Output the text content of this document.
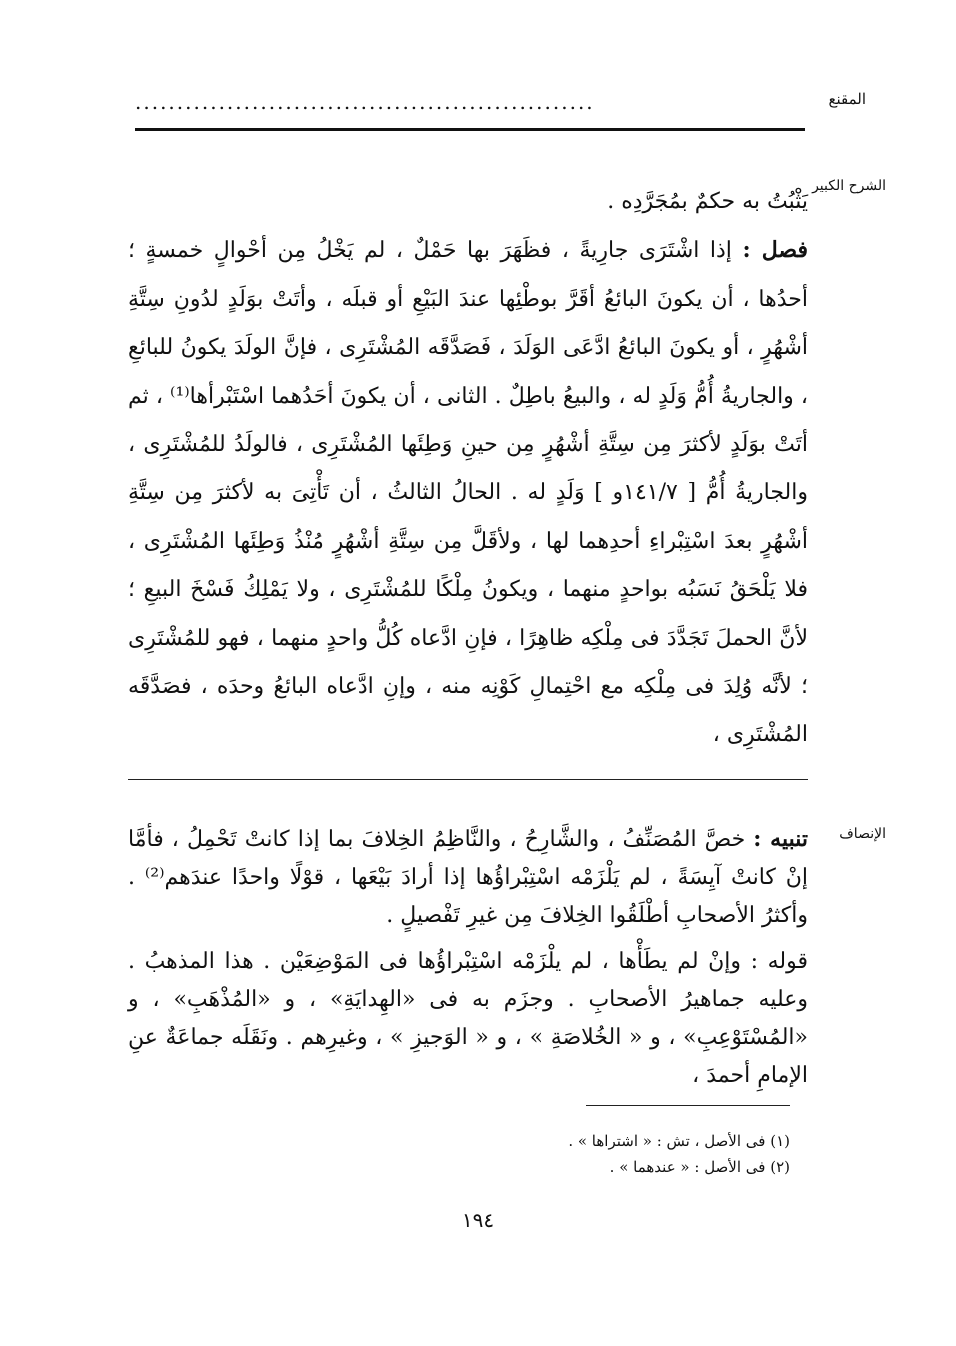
.......................................................	المقنع
الشرح الكبير

يَثْبُتُ به حكمٌ بمُجَرَّدِه .

فصل : إذا اشْتَرَى جارِيةً ، فظَهَرَ بها حَمْلٌ ، لم يَخْلُ مِن أحْوالٍ خمسةٍ ؛ أحدُها ، أن يكونَ البائعُ أقَرَّ بوطْئِها عندَ البَيْعِ أو قبلَه ، وأتَتْ بوَلَدٍ لدُونِ سِتَّةِ أشْهُرٍ ، أو يكونَ البائعُ ادَّعَى الوَلَدَ ، فَصَدَّقَه المُشْتَرِى ، فإنَّ الولَدَ يكونُ للبائعِ ، والجاريةُ أُمُّ وَلَدٍ له ، والبيعُ باطِلٌ . الثانى ، أن يكونَ أحَدُهما اسْتَبْرأها⁽¹⁾ ، ثم أتَتْ بوَلَدٍ لأكثرَ مِن سِتَّةِ أشْهُرٍ مِن حينِ وَطِئَها المُشْتَرِى ، فالولَدُ للمُشْتَرِى ، والجاريةُ أُمُّ [ ١٤١/٧و ] وَلَدٍ له . الحالُ الثالثُ ، أن تَأْتِىَ به لأكثرَ مِن سِتَّةِ أشْهُرٍ بعدَ اسْتِبْراءِ أحدِهما لها ، ولأقَلَّ مِن سِتَّةِ أشْهُرٍ مُنْذُ وَطِئَها المُشْتَرِى ، فلا يَلْحَقُ نَسَبُه بواحدٍ منهما ، ويكونُ مِلْكًا للمُشْتَرِى ، ولا يَمْلِكُ فَسْخَ البيعِ ؛ لأنَّ الحملَ تَجَدَّدَ فى مِلْكِه ظاهِرًا ، فإنِ ادَّعاه كُلُّ واحدٍ منهما ، فهو للمُشْتَرِى ؛ لأنَّه وُلِدَ فى مِلْكِه مع احْتِمالِ كَوْنِه منه ، وإنِ ادَّعاه البائعُ وحدَه ، فصَدَّقَه المُشْتَرِى ،

الإنصاف

تنبيه : خصَّ المُصَنِّفُ ، والشَّارِحُ ، والنَّاظِمُ الخِلافَ بما إذا كانتْ تَحْمِلُ ، فأمَّا إنْ كانتْ آيِسَةً ، لم يَلْزَمْه اسْتِبْراؤُها إذا أرادَ بَيْعَها ، قوْلًا واحدًا عندَهم⁽²⁾ . وأكثرُ الأصحابِ أطْلَقُوا الخِلافَ مِن غيرِ تَفْصيلٍ .

قوله : وإنْ لم يطَأْها ، لم يلْزَمْه اسْتِبْراؤُها فى المَوْضِعَيْن . هذا المذهبُ . وعليه جماهيرُ الأصحابِ . وجزَم به فى «الهِدايَةِ» ، و «المُذْهَبِ» ، و «المُسْتَوْعِبِ» ، و « الخُلاصَةِ » ، و « الوَجيزِ » ، وغيرِهم . ونَقَلَه جماعَةٌ عنِ الإمامِ أحمدَ ،

(١) فى الأصل ، تش : « اشتراها » .
(٢) فى الأصل : « عندهما » .
١٩٤
